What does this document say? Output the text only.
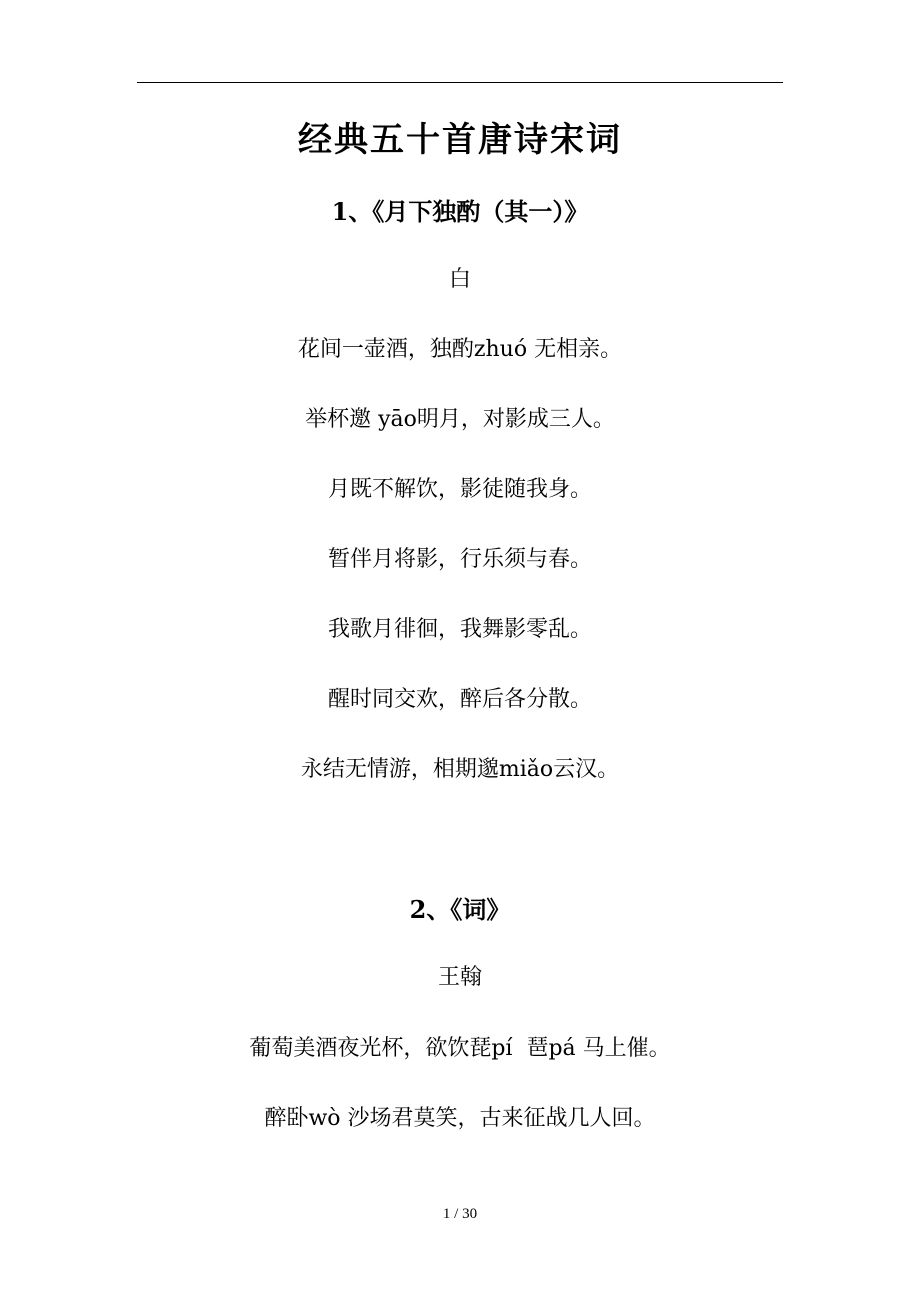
经典五十首唐诗宋词
1、《月下独酌（其一）》
白
花间一壶酒，独酌zhuó 无相亲。
举杯邀 yāo明月，对影成三人。
月既不解饮，影徒随我身。
暂伴月将影，行乐须与春。
我歌月徘徊，我舞影零乱。
醒时同交欢，醉后各分散。
永结无情游，相期邈miǎo云汉。
2、《词》
王翰
葡萄美酒夜光杯，欲饮琵pí  琶pá 马上催。
醉卧wò 沙场君莫笑，古来征战几人回。
1 / 30
